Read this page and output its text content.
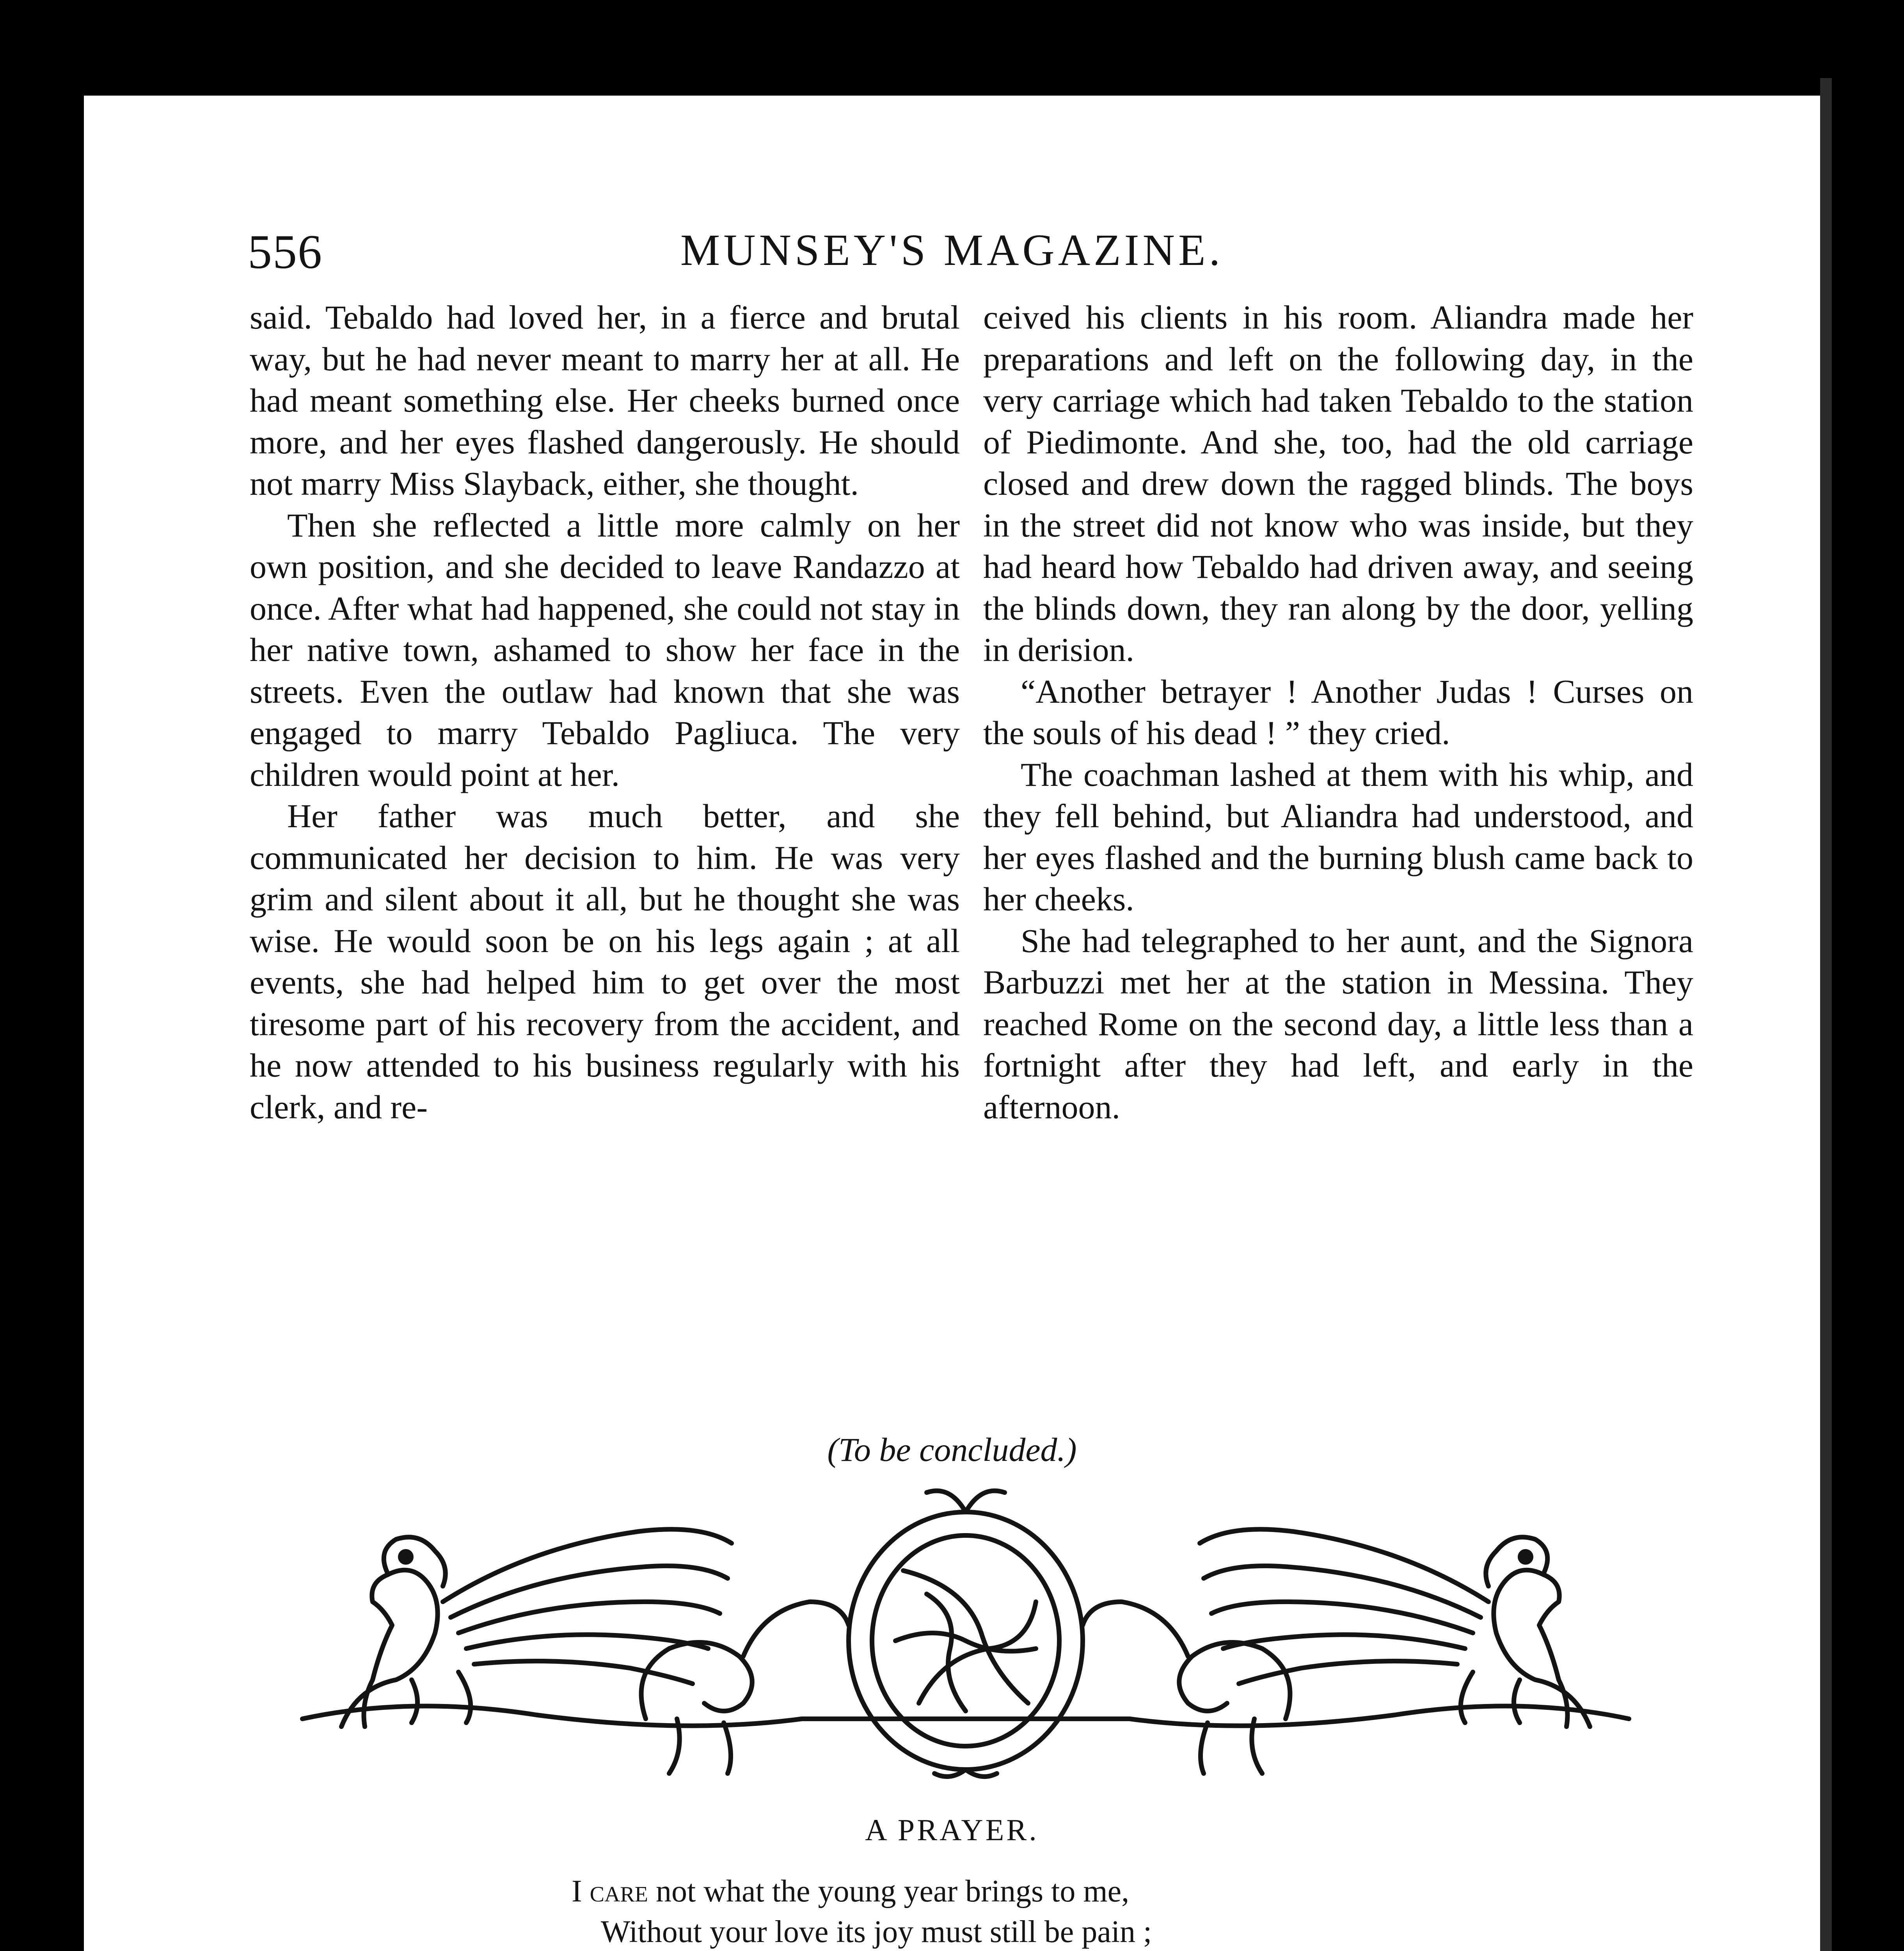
556	MUNSEY'S MAGAZINE.

said. Tebaldo had loved her, in a fierce and brutal way, but he had never meant to marry her at all. He had meant something else. Her cheeks burned once more, and her eyes flashed dangerously. He should not marry Miss Slayback, either, she thought.

Then she reflected a little more calmly on her own position, and she decided to leave Randazzo at once. After what had happened, she could not stay in her native town, ashamed to show her face in the streets. Even the outlaw had known that she was engaged to marry Tebaldo Pagliuca. The very children would point at her.

Her father was much better, and she communicated her decision to him. He was very grim and silent about it all, but he thought she was wise. He would soon be on his legs again ; at all events, she had helped him to get over the most tiresome part of his recovery from the accident, and he now attended to his business regularly with his clerk, and re-

ceived his clients in his room. Aliandra made her preparations and left on the following day, in the very carriage which had taken Tebaldo to the station of Piedimonte. And she, too, had the old carriage closed and drew down the ragged blinds. The boys in the street did not know who was inside, but they had heard how Tebaldo had driven away, and seeing the blinds down, they ran along by the door, yelling in derision.

“Another betrayer ! Another Judas ! Curses on the souls of his dead ! ” they cried.

The coachman lashed at them with his whip, and they fell behind, but Aliandra had understood, and her eyes flashed and the burning blush came back to her cheeks.

She had telegraphed to her aunt, and the Signora Barbuzzi met her at the station in Messina. They reached Rome on the second day, a little less than a fortnight after they had left, and early in the afternoon.

(To be concluded.)
A PRAYER.
I care not what the young year brings to me,
Without your love its joy must still be pain ;
